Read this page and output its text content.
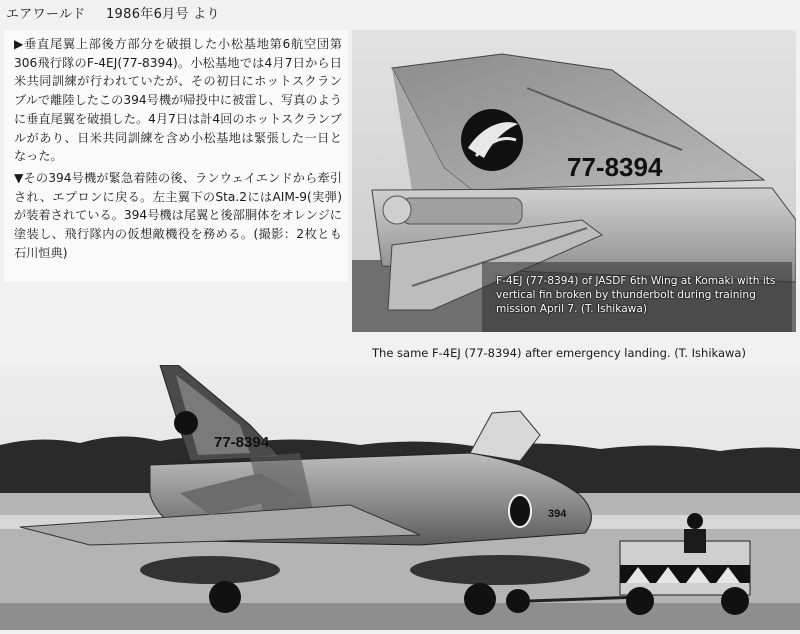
エアワールド 1986年6月号 より

▶垂直尾翼上部後方部分を破損した小松基地第6航空団第306飛行隊のF-4EJ(77-8394)。小松基地では4月7日から日米共同訓練が行われていたが、その初日にホットスクランブルで離陸したこの394号機が帰投中に被雷し、写真のように垂直尾翼を破損した。4月7日は計4回のホットスクランブルがあり、日米共同訓練を含め小松基地は緊張した一日となった。

▼その394号機が緊急着陸の後、ランウェイエンドから牽引され、エプロンに戻る。左主翼下のSta.2にはAIM-9(実弾)が装着されている。394号機は尾翼と後部胴体をオレンジに塗装し、飛行隊内の仮想敵機役を務める。(撮影：2枚とも石川恒典)

77-8394
F-4EJ (77-8394) of JASDF 6th Wing at Komaki with its vertical fin broken by thunderbolt during training mission April 7. (T. Ishikawa)
The same F-4EJ (77-8394) after emergency landing. (T. Ishikawa)
77-8394
394
